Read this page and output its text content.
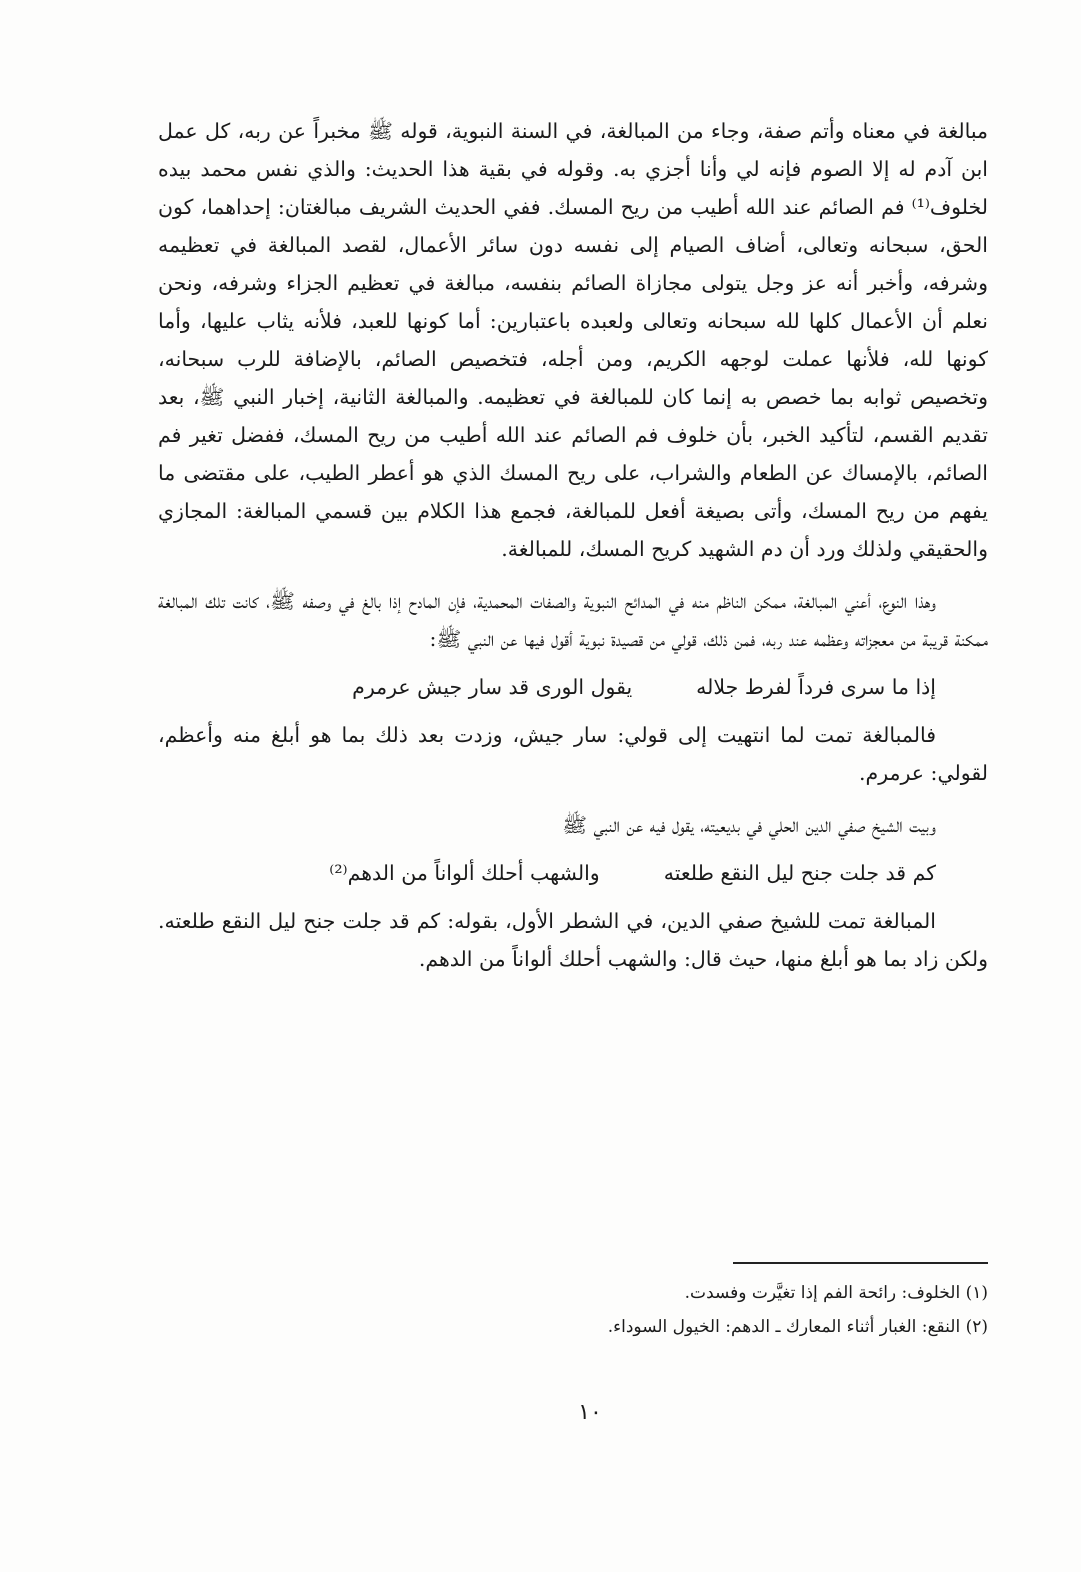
مبالغة في معناه وأتم صفة، وجاء من المبالغة، في السنة النبوية، قوله ﷺ مخبراً عن ربه، كل عمل ابن آدم له إلا الصوم فإنه لي وأنا أجزي به. وقوله في بقية هذا الحديث: والذي نفس محمد بيده لخلوف⁽¹⁾ فم الصائم عند الله أطيب من ريح المسك. ففي الحديث الشريف مبالغتان: إحداهما، كون الحق، سبحانه وتعالى، أضاف الصيام إلى نفسه دون سائر الأعمال، لقصد المبالغة في تعظيمه وشرفه، وأخبر أنه عز وجل يتولى مجازاة الصائم بنفسه، مبالغة في تعظيم الجزاء وشرفه، ونحن نعلم أن الأعمال كلها لله سبحانه وتعالى ولعبده باعتبارين: أما كونها للعبد، فلأنه يثاب عليها، وأما كونها لله، فلأنها عملت لوجهه الكريم، ومن أجله، فتخصيص الصائم، بالإضافة للرب سبحانه، وتخصيص ثوابه بما خصص به إنما كان للمبالغة في تعظيمه. والمبالغة الثانية، إخبار النبي ﷺ، بعد تقديم القسم، لتأكيد الخبر، بأن خلوف فم الصائم عند الله أطيب من ريح المسك، ففضل تغير فم الصائم، بالإمساك عن الطعام والشراب، على ريح المسك الذي هو أعطر الطيب، على مقتضى ما يفهم من ريح المسك، وأتى بصيغة أفعل للمبالغة، فجمع هذا الكلام بين قسمي المبالغة: المجازي والحقيقي ولذلك ورد أن دم الشهيد كريح المسك، للمبالغة.

وهذا النوع، أعني المبالغة، ممكن الناظم منه في المدائح النبوية والصفات المحمدية، فإن المادح إذا بالغ في وصفه ﷺ، كانت تلك المبالغة ممكنة قريبة من معجزاته وعظمه عند ربه، فمن ذلك، قولي من قصيدة نبوية أقول فيها عن النبي ﷺ:

إذا ما سرى فرداً لفرط جلاله
يقول الورى قد سار جيش عرمرم

فالمبالغة تمت لما انتهيت إلى قولي: سار جيش، وزدت بعد ذلك بما هو أبلغ منه وأعظم، لقولي: عرمرم.

وبيت الشيخ صفي الدين الحلي في بديعيته، يقول فيه عن النبي ﷺ

كم قد جلت جنح ليل النقع طلعته
والشهب أحلك ألواناً من الدهم⁽²⁾

المبالغة تمت للشيخ صفي الدين، في الشطر الأول، بقوله: كم قد جلت جنح ليل النقع طلعته. ولكن زاد بما هو أبلغ منها، حيث قال: والشهب أحلك ألواناً من الدهم.

(١) الخلوف: رائحة الفم إذا تغيَّرت وفسدت.

(٢) النقع: الغبار أثناء المعارك ـ الدهم: الخيول السوداء.

١٠
